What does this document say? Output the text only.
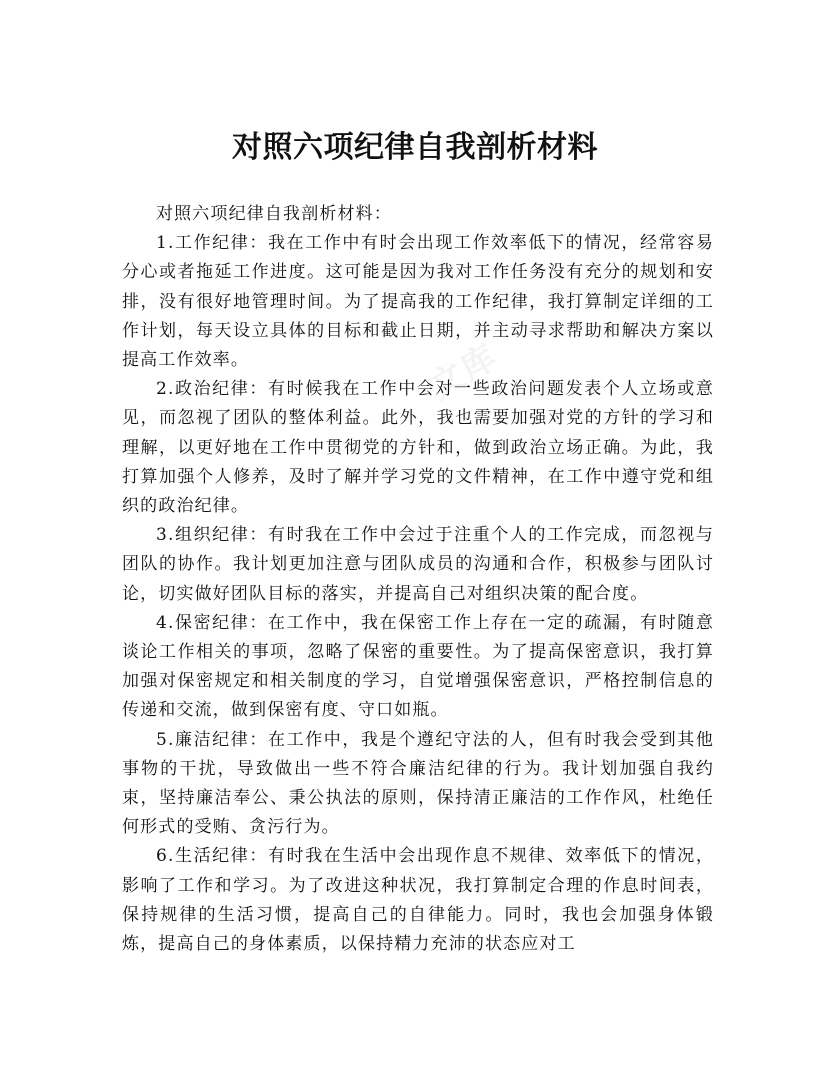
对照六项纪律自我剖析材料

对照六项纪律自我剖析材料：

1.工作纪律：我在工作中有时会出现工作效率低下的情况，经常容易分心或者拖延工作进度。这可能是因为我对工作任务没有充分的规划和安排，没有很好地管理时间。为了提高我的工作纪律，我打算制定详细的工作计划，每天设立具体的目标和截止日期，并主动寻求帮助和解决方案以提高工作效率。

2.政治纪律：有时候我在工作中会对一些政治问题发表个人立场或意见，而忽视了团队的整体利益。此外，我也需要加强对党的方针的学习和理解，以更好地在工作中贯彻党的方针和，做到政治立场正确。为此，我打算加强个人修养，及时了解并学习党的文件精神，在工作中遵守党和组织的政治纪律。

3.组织纪律：有时我在工作中会过于注重个人的工作完成，而忽视与团队的协作。我计划更加注意与团队成员的沟通和合作，积极参与团队讨论，切实做好团队目标的落实，并提高自己对组织决策的配合度。

4.保密纪律：在工作中，我在保密工作上存在一定的疏漏，有时随意谈论工作相关的事项，忽略了保密的重要性。为了提高保密意识，我打算加强对保密规定和相关制度的学习，自觉增强保密意识，严格控制信息的传递和交流，做到保密有度、守口如瓶。

5.廉洁纪律：在工作中，我是个遵纪守法的人，但有时我会受到其他事物的干扰，导致做出一些不符合廉洁纪律的行为。我计划加强自我约束，坚持廉洁奉公、秉公执法的原则，保持清正廉洁的工作作风，杜绝任何形式的受贿、贪污行为。

6.生活纪律：有时我在生活中会出现作息不规律、效率低下的情况，影响了工作和学习。为了改进这种状况，我打算制定合理的作息时间表，保持规律的生活习惯，提高自己的自律能力。同时，我也会加强身体锻炼，提高自己的身体素质，以保持精力充沛的状态应对工
